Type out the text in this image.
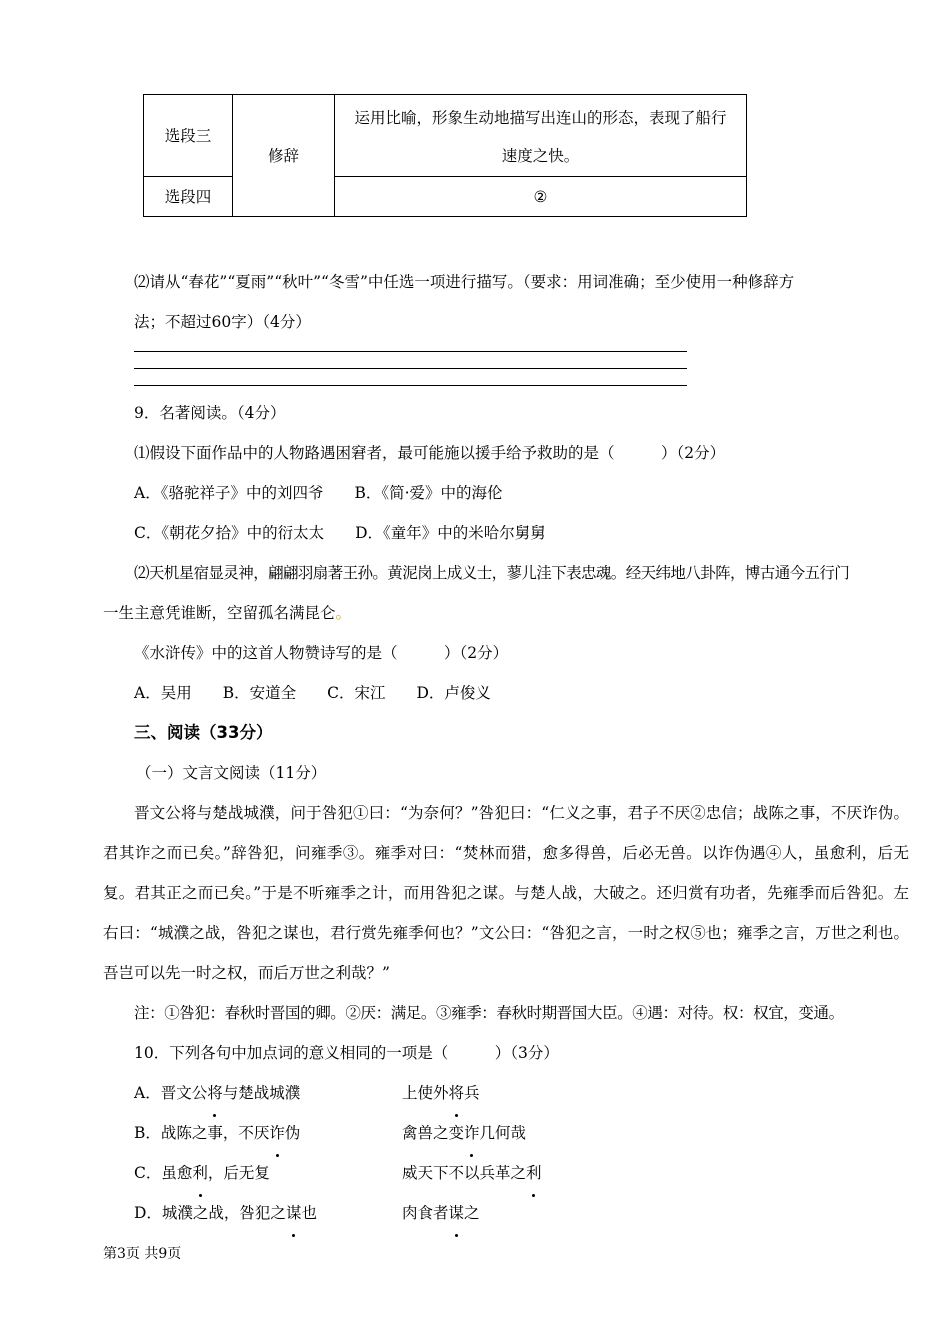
选段三	修辞	运用比喻，形象生动地描写出连山的形态，表现了船行
速度之快。

选段四		②
⑵请从“春花”“夏雨”“秋叶”“冬雪”中任选一项进行描写。（要求：用词准确；至少使用一种修辞方
法；不超过60字）（4分）
9．名著阅读。（4分）
⑴假设下面作品中的人物路遇困窘者，最可能施以援手给予救助的是（　　　）（2分）
A．《骆驼祥子》中的刘四爷　　B．《简·爱》中的海伦
C．《朝花夕拾》中的衍太太　　D．《童年》中的米哈尔舅舅
⑵天机星宿显灵神，翩翩羽扇著王孙。黄泥岗上成义士，蓼儿洼下表忠魂。经天纬地八卦阵，博古通今五行门
一生主意凭谁断，空留孤名满昆仑。
《水浒传》中的这首人物赞诗写的是（　　　）（2分）
A．吴用　　B．安道全　　C．宋江　　D．卢俊义
三、阅读（33分）
（一）文言文阅读（11分）
晋文公将与楚战城濮，问于咎犯①曰：“为奈何？”咎犯曰：“仁义之事，君子不厌②忠信；战陈之事，不厌诈伪。君其诈之而已矣。”辞咎犯，问雍季③。雍季对曰：“焚林而猎，愈多得兽，后必无兽。以诈伪遇④人，虽愈利，后无复。君其正之而已矣。”于是不听雍季之计，而用咎犯之谋。与楚人战，大破之。还归赏有功者，先雍季而后咎犯。左右曰：“城濮之战，咎犯之谋也，君行赏先雍季何也？”文公曰：“咎犯之言，一时之权⑤也；雍季之言，万世之利也。吾岂可以先一时之权，而后万世之利哉？”
注：①咎犯：春秋时晋国的卿。②厌：满足。③雍季：春秋时期晋国大臣。④遇：对待。权：权宜，变通。
10．下列各句中加点词的意义相同的一项是（　　　）（3分）
A．晋文公将与楚战城濮	上使外将兵
B．战陈之事，不厌诈伪	禽兽之变诈几何哉
C．虽愈利，后无复	威天下不以兵革之利
D．城濮之战，咎犯之谋也	肉食者谋之
第3页 共9页
